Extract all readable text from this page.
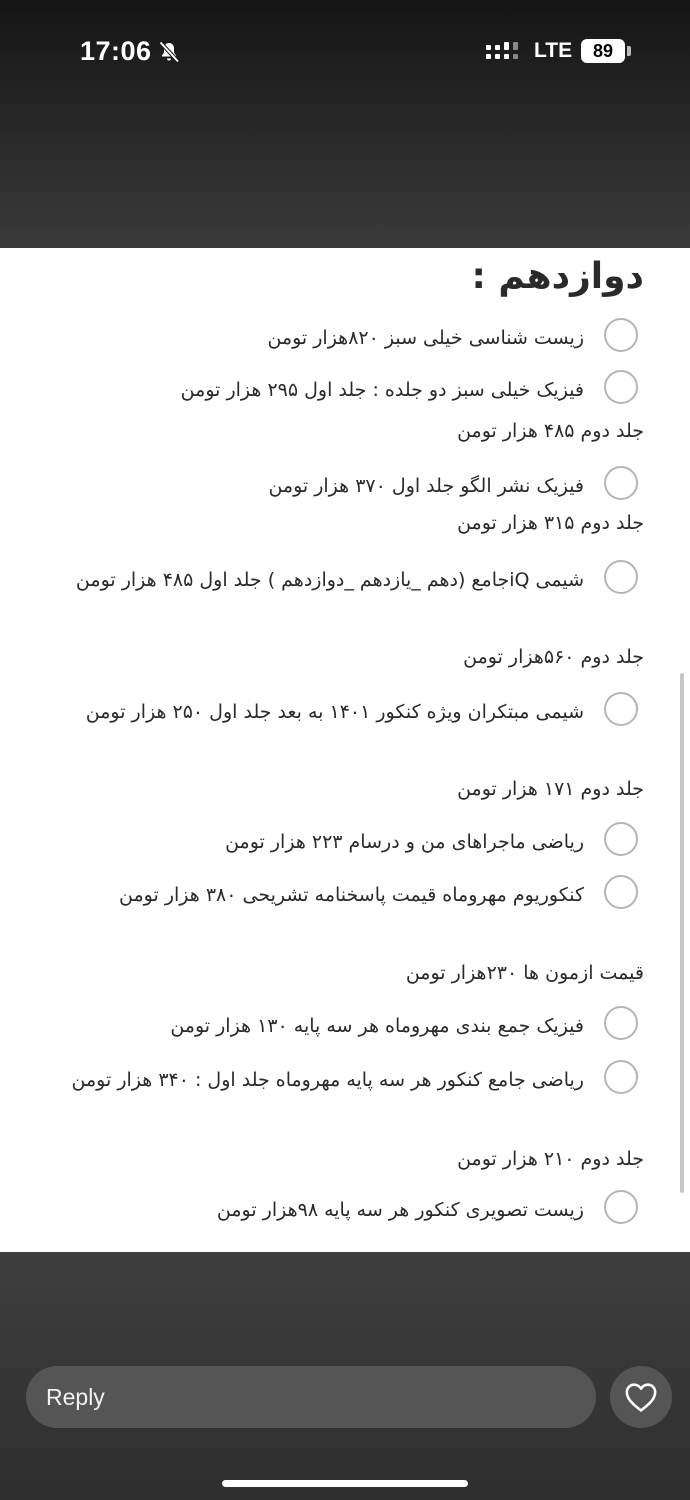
17:06	LTE	89
دوازدهم :
زیست شناسی خیلی سبز ۸۲۰هزار تومن
فیزیک خیلی سبز دو جلده : جلد اول ۲۹۵ هزار تومن
جلد دوم ۴۸۵ هزار تومن
فیزیک نشر الگو جلد اول ۳۷۰ هزار تومن
جلد دوم ۳۱۵ هزار تومن
شیمی iQجامع (دهم _یازدهم _دوازدهم ) جلد اول ۴۸۵ هزار تومن
جلد دوم ۵۶۰هزار تومن
شیمی مبتکران ویژه کنکور ۱۴۰۱ به بعد جلد اول ۲۵۰ هزار تومن
جلد دوم ۱۷۱ هزار تومن
ریاضی ماجراهای من و درسام ۲۲۳ هزار تومن
کنکوریوم مهروماه قیمت پاسخنامه تشریحی ۳۸۰ هزار تومن
قیمت ازمون ها ۲۳۰هزار تومن
فیزیک جمع بندی مهروماه هر سه پایه ۱۳۰ هزار تومن
ریاضی جامع کنکور هر سه پایه مهروماه جلد اول : ۳۴۰ هزار تومن
جلد دوم ۲۱۰ هزار تومن
زیست تصویری کنکور هر سه پایه ۹۸هزار تومن
Reply
